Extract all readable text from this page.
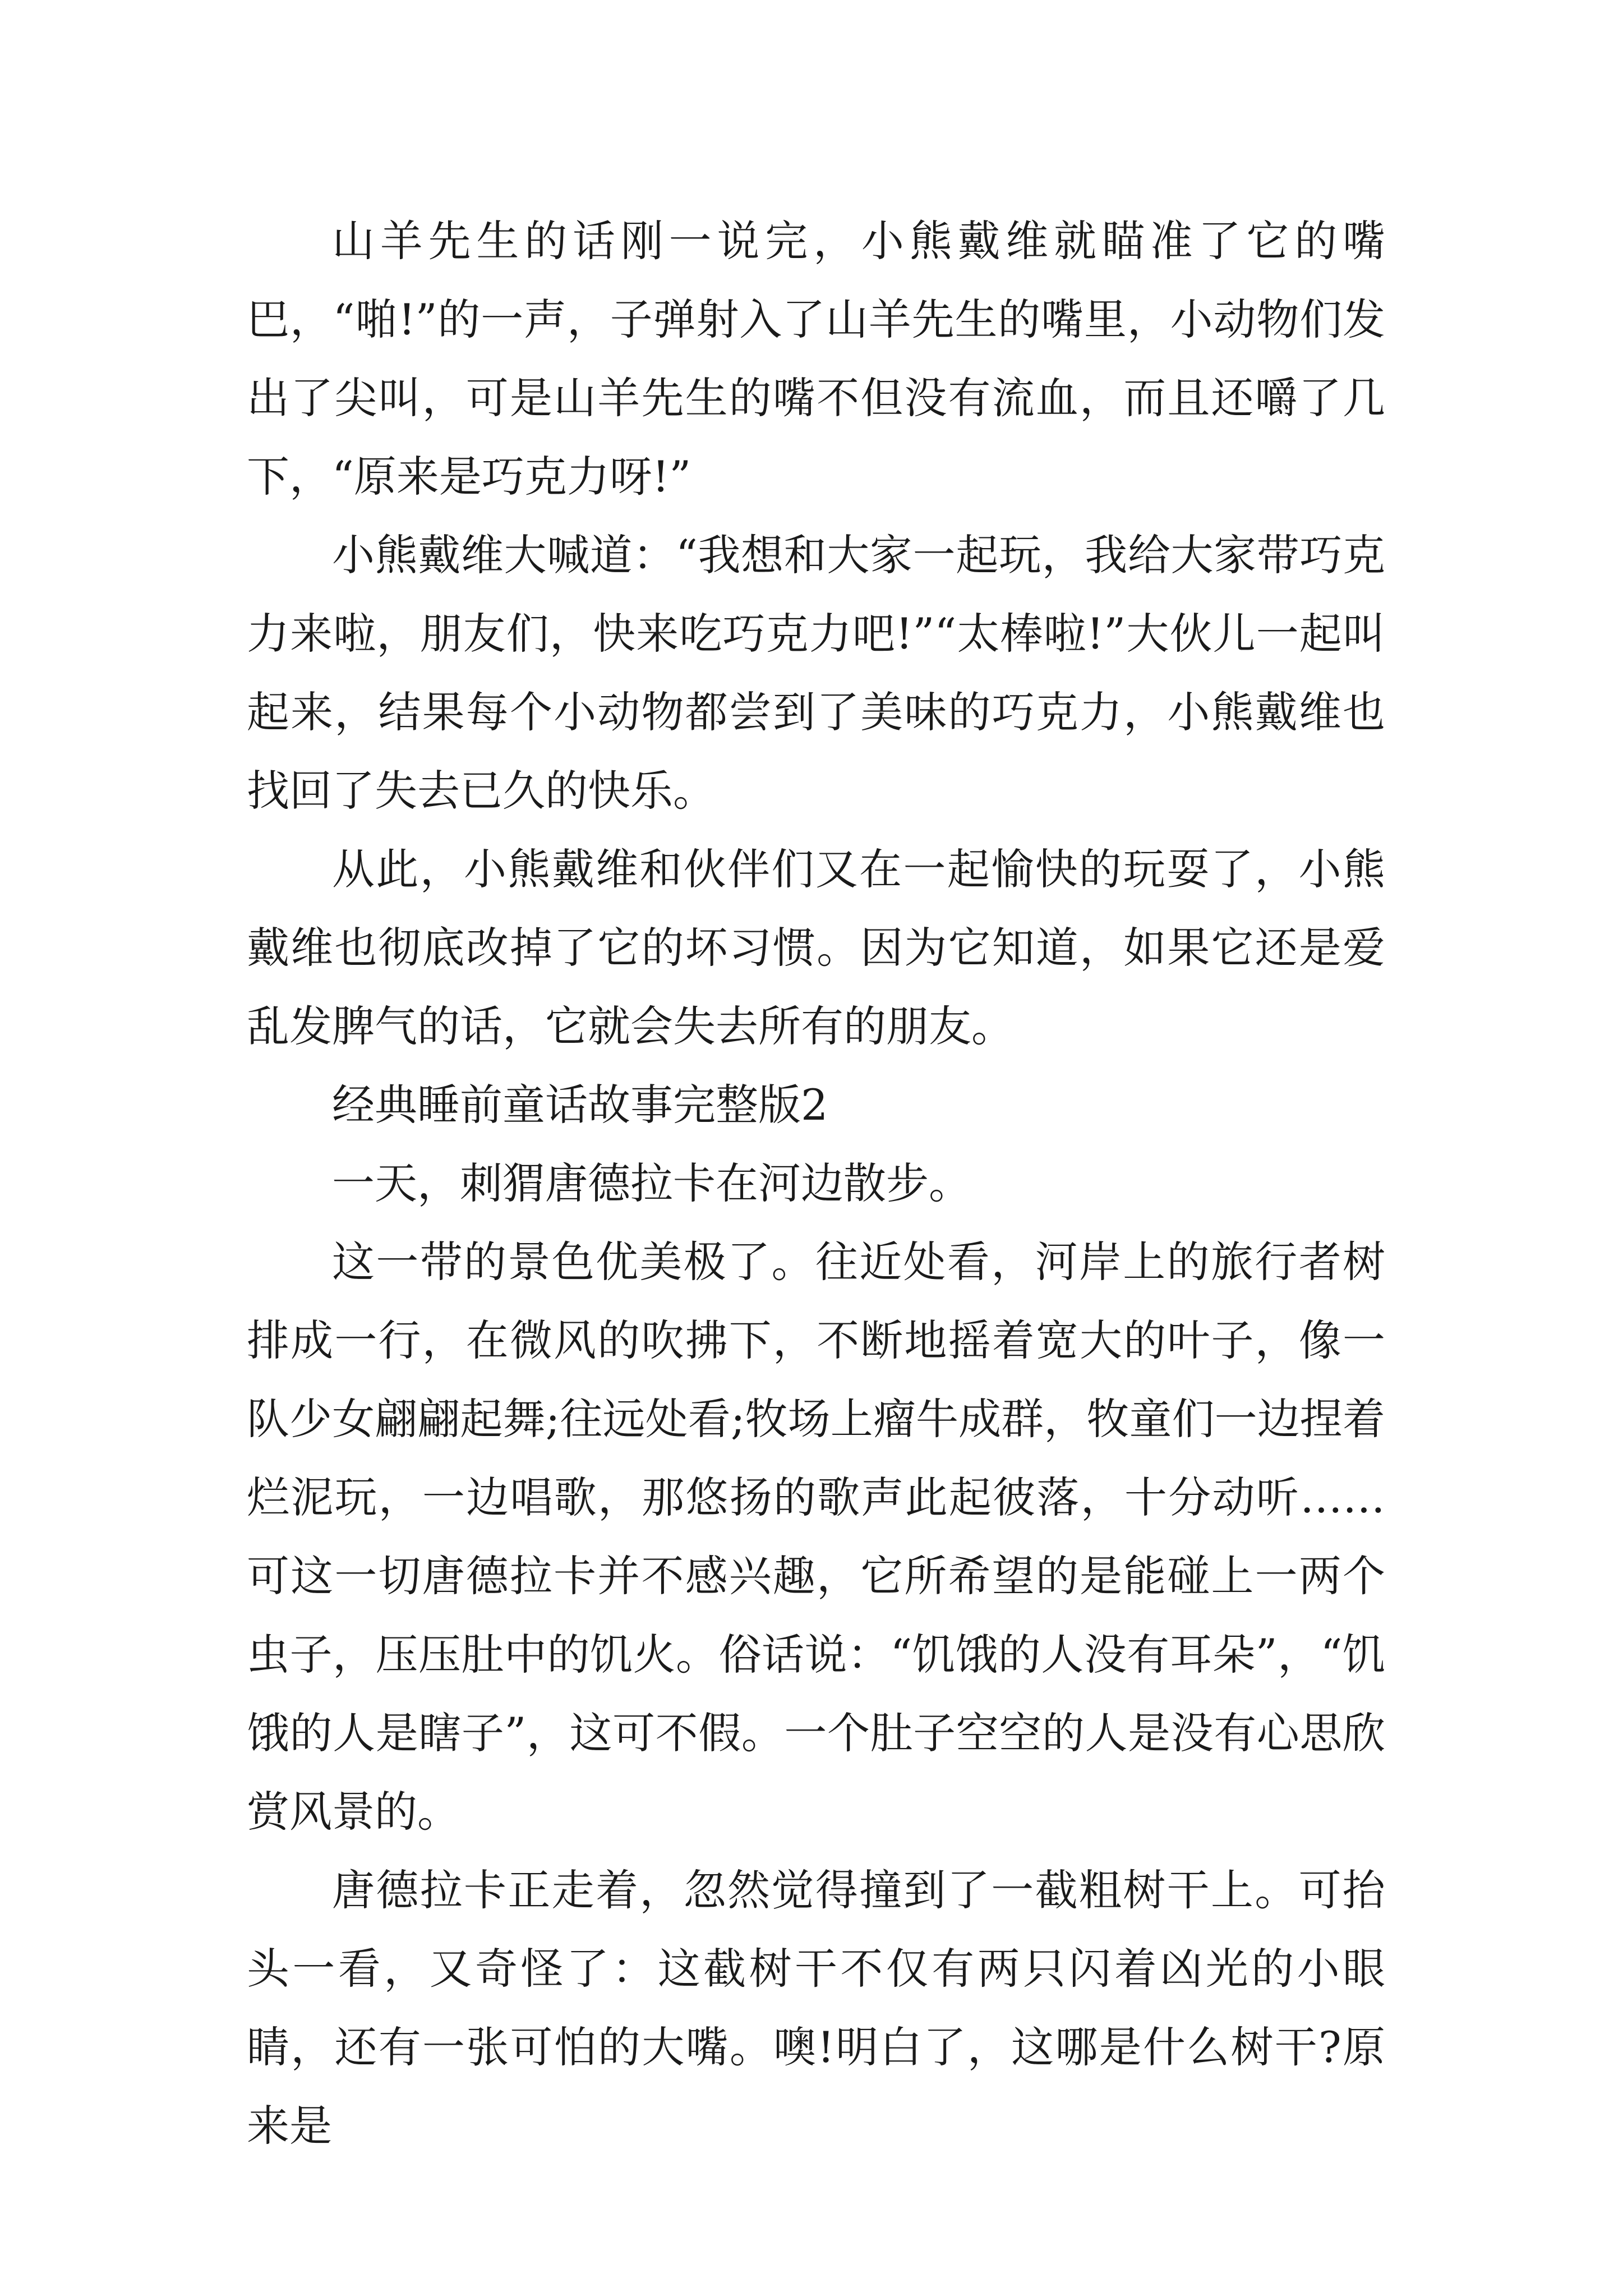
山羊先生的话刚一说完，小熊戴维就瞄准了它的嘴巴，“啪!”的一声，子弹射入了山羊先生的嘴里，小动物们发出了尖叫，可是山羊先生的嘴不但没有流血，而且还嚼了几下，“原来是巧克力呀!”

小熊戴维大喊道：“我想和大家一起玩，我给大家带巧克力来啦，朋友们，快来吃巧克力吧!”“太棒啦!”大伙儿一起叫起来，结果每个小动物都尝到了美味的巧克力，小熊戴维也找回了失去已久的快乐。

从此，小熊戴维和伙伴们又在一起愉快的玩耍了，小熊戴维也彻底改掉了它的坏习惯。因为它知道，如果它还是爱乱发脾气的话，它就会失去所有的朋友。

经典睡前童话故事完整版2

一天，刺猬唐德拉卡在河边散步。

这一带的景色优美极了。往近处看，河岸上的旅行者树排成一行，在微风的吹拂下，不断地摇着宽大的叶子，像一队少女翩翩起舞;往远处看;牧场上瘤牛成群，牧童们一边捏着烂泥玩，一边唱歌，那悠扬的歌声此起彼落，十分动听……可这一切唐德拉卡并不感兴趣，它所希望的是能碰上一两个虫子，压压肚中的饥火。俗话说：“饥饿的人没有耳朵”，“饥饿的人是瞎子”，这可不假。一个肚子空空的人是没有心思欣赏风景的。

唐德拉卡正走着，忽然觉得撞到了一截粗树干上。可抬头一看，又奇怪了：这截树干不仅有两只闪着凶光的小眼睛，还有一张可怕的大嘴。噢!明白了，这哪是什么树干?原来是
